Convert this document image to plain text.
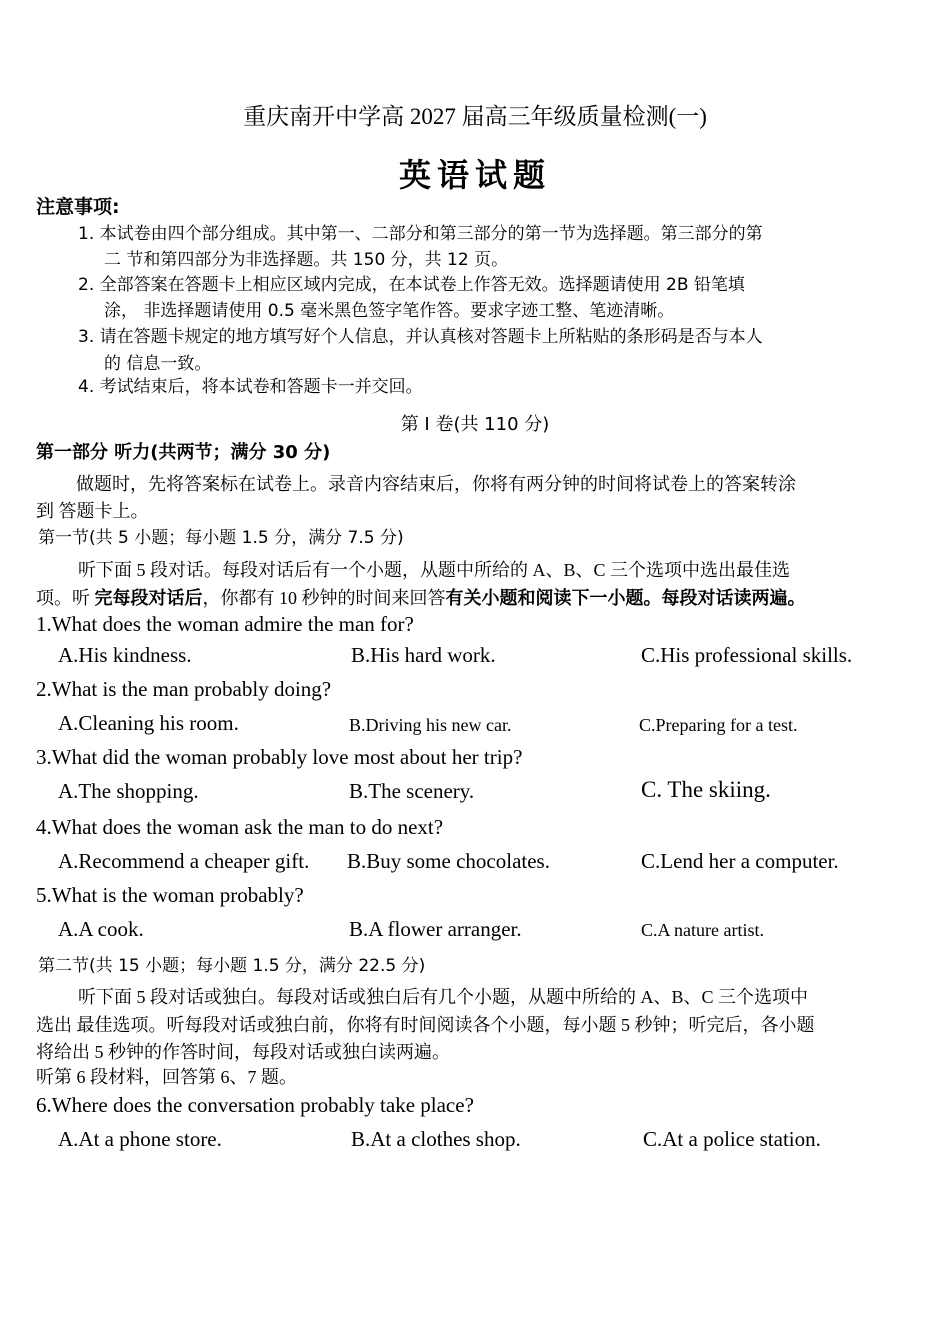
重庆南开中学高 2027 届高三年级质量检测(一)
英语试题
注意事项:
1. 本试卷由四个部分组成。其中第一、二部分和第三部分的第一节为选择题。第三部分的第
二 节和第四部分为非选择题。共 150 分，共 12 页。
2. 全部答案在答题卡上相应区域内完成，在本试卷上作答无效。选择题请使用 2B 铅笔填
涂， 非选择题请使用 0.5 毫米黑色签字笔作答。要求字迹工整、笔迹清晰。
3. 请在答题卡规定的地方填写好个人信息，并认真核对答题卡上所粘贴的条形码是否与本人
的 信息一致。
4. 考试结束后，将本试卷和答题卡一并交回。
第 I 卷(共 110 分)
第一部分 听力(共两节；满分 30 分)
做题时，先将答案标在试卷上。录音内容结束后，你将有两分钟的时间将试卷上的答案转涂
到 答题卡上。
第一节(共 5 小题；每小题 1.5 分，满分 7.5 分)
听下面 5 段对话。每段对话后有一个小题，从题中所给的 A、B、C 三个选项中选出最佳选
项。听 完每段对话后，你都有 10 秒钟的时间来回答有关小题和阅读下一小题。每段对话读两遍。
1.What does the woman admire the man for?
A.His kindness.	B.His hard work.	C.His professional skills.
2.What is the man probably doing?
A.Cleaning his room.	B.Driving his new car.	C.Preparing for a test.
3.What did the woman probably love most about her trip?
A.The shopping.	B.The scenery.	C. The skiing.
4.What does the woman ask the man to do next?
A.Recommend a cheaper gift. B.Buy some chocolates.	C.Lend her a computer.
5.What is the woman probably?
A.A cook.	B.A flower arranger.	C.A nature artist.
第二节(共 15 小题；每小题 1.5 分，满分 22.5 分)
听下面 5 段对话或独白。每段对话或独白后有几个小题，从题中所给的 A、B、C 三个选项中
选出 最佳选项。听每段对话或独白前，你将有时间阅读各个小题，每小题 5 秒钟；听完后，各小题
将给出 5 秒钟的作答时间，每段对话或独白读两遍。
听第 6 段材料，回答第 6、7 题。
6.Where does the conversation probably take place?
A.At a phone store.	B.At a clothes shop.	C.At a police station.
